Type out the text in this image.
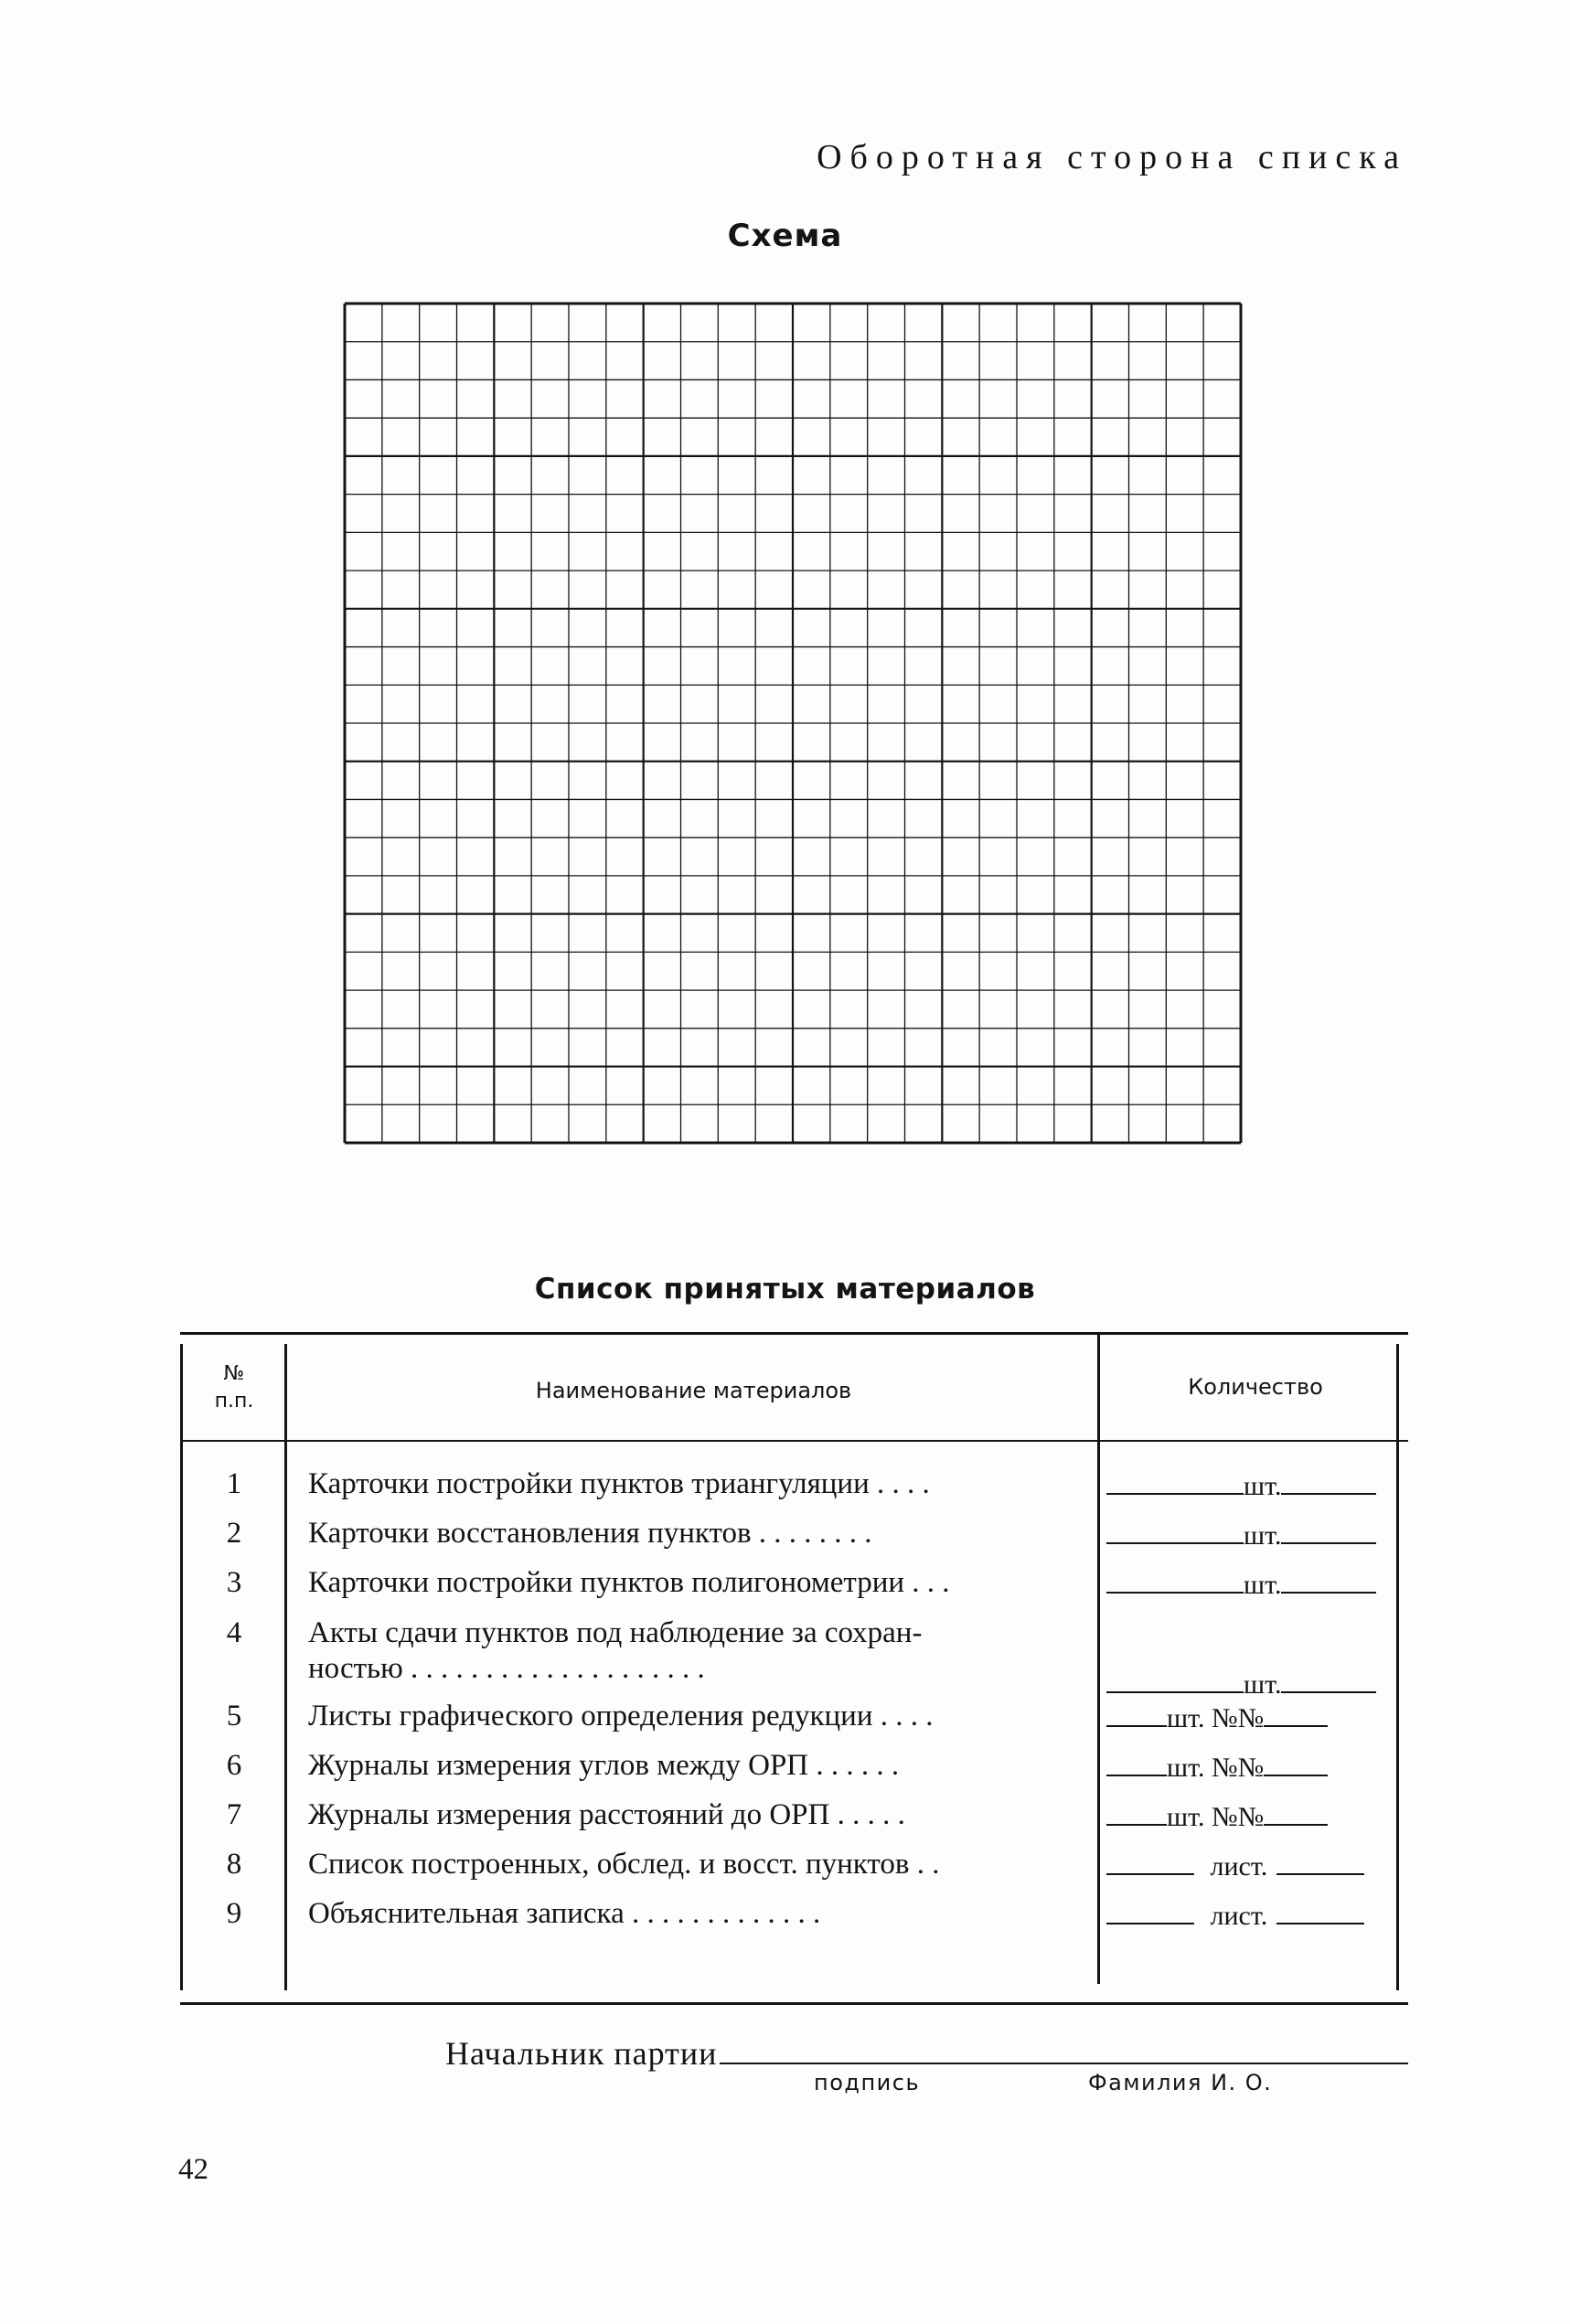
Оборотная сторона списка
Схема
Список принятых материалов
№
п.п.	Наименование материалов	Количество
1	Карточки постройки пунктов триангуляции . . . .	шт.
2	Карточки восстановления пунктов . . . . . . . .	шт.
3	Карточки постройки пунктов полигонометрии . . .	шт.
4	Акты сдачи пунктов под наблюдение за сохран-
ностью . . . . . . . . . . . . . . . . . . . .	шт.
5	Листы графического определения редукции . . . .	шт. №№
6	Журналы измерения углов между ОРП . . . . . .	шт. №№
7	Журналы измерения расстояний до ОРП . . . . .	шт. №№
8	Список построенных, обслед. и восст. пунктов . .	лист.
9	Объяснительная записка . . . . . . . . . . . . .	лист.
Начальник партии
подпись	Фамилия И. О.
42
